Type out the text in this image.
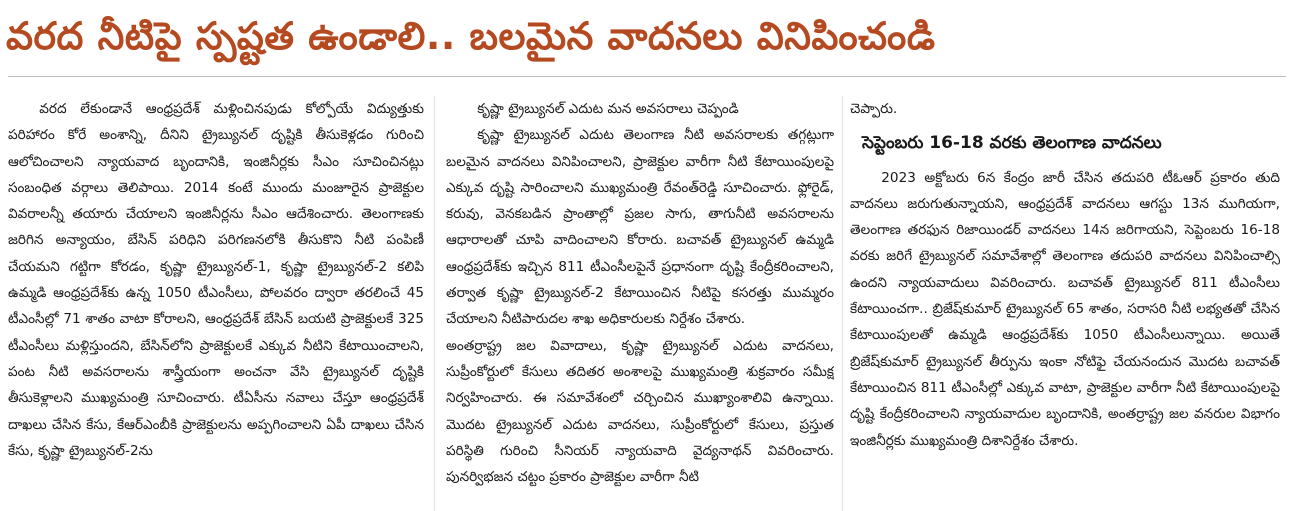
వరద నీటిపై స్పష్టత ఉండాలి.. బలమైన వాదనలు వినిపించండి

వరద లేకుండానే ఆంధ్రప్రదేశ్ మళ్లించినపుడు కోల్పోయే విద్యుత్తుకు పరిహారం కోరే అంశాన్ని, దీనిని ట్రైబ్యునల్ దృష్టికి తీసుకెళ్లడం గురించి ఆలోచించాలని న్యాయవాద బృందానికి, ఇంజినీర్లకు సీఎం సూచించినట్లు సంబంధిత వర్గాలు తెలిపాయి. 2014 కంటే ముందు మంజూరైన ప్రాజెక్టుల వివరాలన్నీ తయారు చేయాలని ఇంజినీర్లను సీఎం ఆదేశించారు. తెలంగాణకు జరిగిన అన్యాయం, బేసిన్ పరిధిని పరిగణనలోకి తీసుకొని నీటి పంపిణీ చేయమని గట్టిగా కోరడం, కృష్ణా ట్రైబ్యునల్-1, కృష్ణా ట్రైబ్యునల్-2 కలిపి ఉమ్మడి ఆంధ్రప్రదేశ్‌కు ఉన్న 1050 టీఎంసీలు, పోలవరం ద్వారా తరలించే 45 టీఎంసీల్లో 71 శాతం వాటా కోరాలని, ఆంధ్రప్రదేశ్ బేసిన్ బయటి ప్రాజెక్టులకే 325 టీఎంసీలు మళ్లిస్తుందని, బేసిన్‌లోని ప్రాజెక్టులకే ఎక్కువ నీటిని కేటాయించాలని, పంట నీటి అవసరాలను శాస్త్రీయంగా అంచనా వేసి ట్రైబ్యునల్ దృష్టికి తీసుకెళ్లాలని ముఖ్యమంత్రి సూచించారు. టీఏసీను నవాలు చేస్తూ ఆంధ్రప్రదేశ్ దాఖలు చేసిన కేసు, కేఆర్ఎంబీకి ప్రాజెక్టులను అప్పగించాలని ఏపీ దాఖలు చేసిన కేసు, కృష్ణా ట్రైబ్యునల్-2ను

కృష్ణా ట్రైబ్యునల్ ఎదుట మన అవసరాలు చెప్పండి

కృష్ణా ట్రైబ్యునల్ ఎదుట తెలంగాణ నీటి అవసరాలకు తగ్గట్లుగా బలమైన వాదనలు వినిపించాలని, ప్రాజెక్టుల వారీగా నీటి కేటాయింపులపై ఎక్కువ దృష్టి సారించాలని ముఖ్యమంత్రి రేవంత్‌రెడ్డి సూచించారు. ఫ్లోరైడ్, కరువు, వెనకబడిన ప్రాంతాల్లో ప్రజల సాగు, తాగునీటి అవసరాలను ఆధారాలతో చూపి వాదించాలని కోరారు. బచావత్ ట్రైబ్యునల్ ఉమ్మడి ఆంధ్రప్రదేశ్‌కు ఇచ్చిన 811 టీఎంసీలపైనే ప్రధానంగా దృష్టి కేంద్రీకరించాలని, తర్వాత కృష్ణా ట్రైబ్యునల్-2 కేటాయించిన నీటిపై కసరత్తు ముమ్మరం చేయాలని నీటిపారుదల శాఖ అధికారులకు నిర్దేశం చేశారు.

అంతర్రాష్ట్ర జల వివాదాలు, కృష్ణా ట్రైబ్యునల్ ఎదుట వాదనలు, సుప్రీంకోర్టులో కేసులు తదితర అంశాలపై ముఖ్యమంత్రి శుక్రవారం సమీక్ష నిర్వహించారు. ఈ సమావేశంలో చర్చించిన ముఖ్యాంశాలివి ఉన్నాయి. మొదట ట్రైబ్యునల్ ఎదుట వాదనలు, సుప్రీంకోర్టులో కేసులు, ప్రస్తుత పరిస్థితి గురించి సీనియర్ న్యాయవాది వైద్యనాథన్ వివరించారు. పునర్విభజన చట్టం ప్రకారం ప్రాజెక్టుల వారీగా నీటి

చెప్పారు.

సెప్టెంబరు 16-18 వరకు తెలంగాణ వాదనలు

2023 అక్టోబరు 6న కేంద్రం జారీ చేసిన తదుపరి టీఓఆర్ ప్రకారం తుది వాదనలు జరుగుతున్నాయని, ఆంధ్రప్రదేశ్ వాదనలు ఆగస్టు 13న ముగియగా, తెలంగాణ తరఫున రిజాయిండర్ వాదనలు 14న జరిగాయని, సెప్టెంబరు 16-18 వరకు జరిగే ట్రైబ్యునల్ సమావేశాల్లో తెలంగాణ తదుపరి వాదనలు వినిపించాల్సి ఉందని న్యాయవాదులు వివరించారు. బచావత్ ట్రైబ్యునల్ 811 టీఎంసీలు కేటాయించగా.. బ్రిజేష్‌కుమార్ ట్రైబ్యునల్ 65 శాతం, సరాసరి నీటి లభ్యతతో చేసిన కేటాయింపులతో ఉమ్మడి ఆంధ్రప్రదేశ్‌కు 1050 టీఎంసీలున్నాయి. అయితే బ్రిజేష్‌కుమార్ ట్రైబ్యునల్ తీర్పును ఇంకా నోటిఫై చేయనందున మొదట బచావత్ కేటాయించిన 811 టీఎంసీల్లో ఎక్కువ వాటా, ప్రాజెక్టుల వారీగా నీటి కేటాయింపులపై దృష్టి కేంద్రీకరించాలని న్యాయవాదుల బృందానికి, అంతర్రాష్ట్ర జల వనరుల విభాగం ఇంజినీర్లకు ముఖ్యమంత్రి దిశానిర్దేశం చేశారు.
